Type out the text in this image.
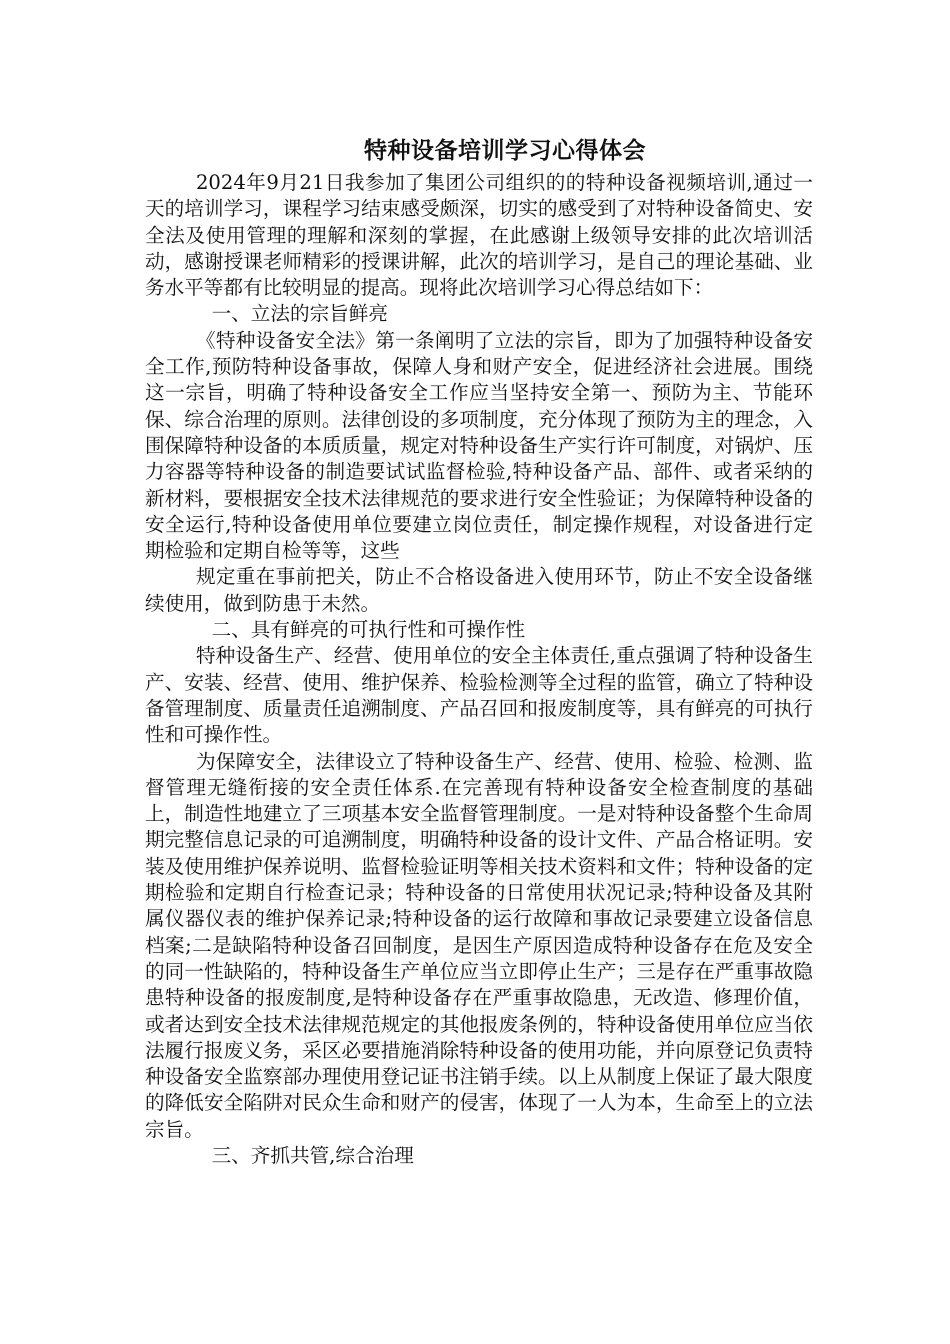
特种设备培训学习心得体会

2024年9月21日我参加了集团公司组织的的特种设备视频培训,通过一天的培训学习，课程学习结束感受颇深，切实的感受到了对特种设备简史、安全法及使用管理的理解和深刻的掌握，在此感谢上级领导安排的此次培训活动，感谢授课老师精彩的授课讲解，此次的培训学习，是自己的理论基础、业务水平等都有比较明显的提高。现将此次培训学习心得总结如下：

一、立法的宗旨鲜亮

《特种设备安全法》第一条阐明了立法的宗旨，即为了加强特种设备安全工作,预防特种设备事故，保障人身和财产安全，促进经济社会进展。围绕这一宗旨，明确了特种设备安全工作应当坚持安全第一、预防为主、节能环保、综合治理的原则。法律创设的多项制度，充分体现了预防为主的理念，入围保障特种设备的本质质量，规定对特种设备生产实行许可制度，对锅炉、压力容器等特种设备的制造要试试监督检验,特种设备产品、部件、或者采纳的新材料，要根据安全技术法律规范的要求进行安全性验证；为保障特种设备的安全运行,特种设备使用单位要建立岗位责任，制定操作规程，对设备进行定期检验和定期自检等等，这些

规定重在事前把关，防止不合格设备进入使用环节，防止不安全设备继续使用，做到防患于未然。

二、具有鲜亮的可执行性和可操作性

特种设备生产、经营、使用单位的安全主体责任,重点强调了特种设备生产、安装、经营、使用、维护保养、检验检测等全过程的监管，确立了特种设备管理制度、质量责任追溯制度、产品召回和报废制度等，具有鲜亮的可执行性和可操作性。

为保障安全，法律设立了特种设备生产、经营、使用、检验、检测、监督管理无缝衔接的安全责任体系.在完善现有特种设备安全检查制度的基础上，制造性地建立了三项基本安全监督管理制度。一是对特种设备整个生命周期完整信息记录的可追溯制度，明确特种设备的设计文件、产品合格证明。安装及使用维护保养说明、监督检验证明等相关技术资料和文件；特种设备的定期检验和定期自行检查记录；特种设备的日常使用状况记录;特种设备及其附属仪器仪表的维护保养记录;特种设备的运行故障和事故记录要建立设备信息档案;二是缺陷特种设备召回制度，是因生产原因造成特种设备存在危及安全的同一性缺陷的，特种设备生产单位应当立即停止生产；三是存在严重事故隐患特种设备的报废制度,是特种设备存在严重事故隐患，无改造、修理价值，或者达到安全技术法律规范规定的其他报废条例的，特种设备使用单位应当依法履行报废义务，采区必要措施消除特种设备的使用功能，并向原登记负责特种设备安全监察部办理使用登记证书注销手续。以上从制度上保证了最大限度的降低安全陷阱对民众生命和财产的侵害，体现了一人为本，生命至上的立法宗旨。

三、齐抓共管,综合治理
